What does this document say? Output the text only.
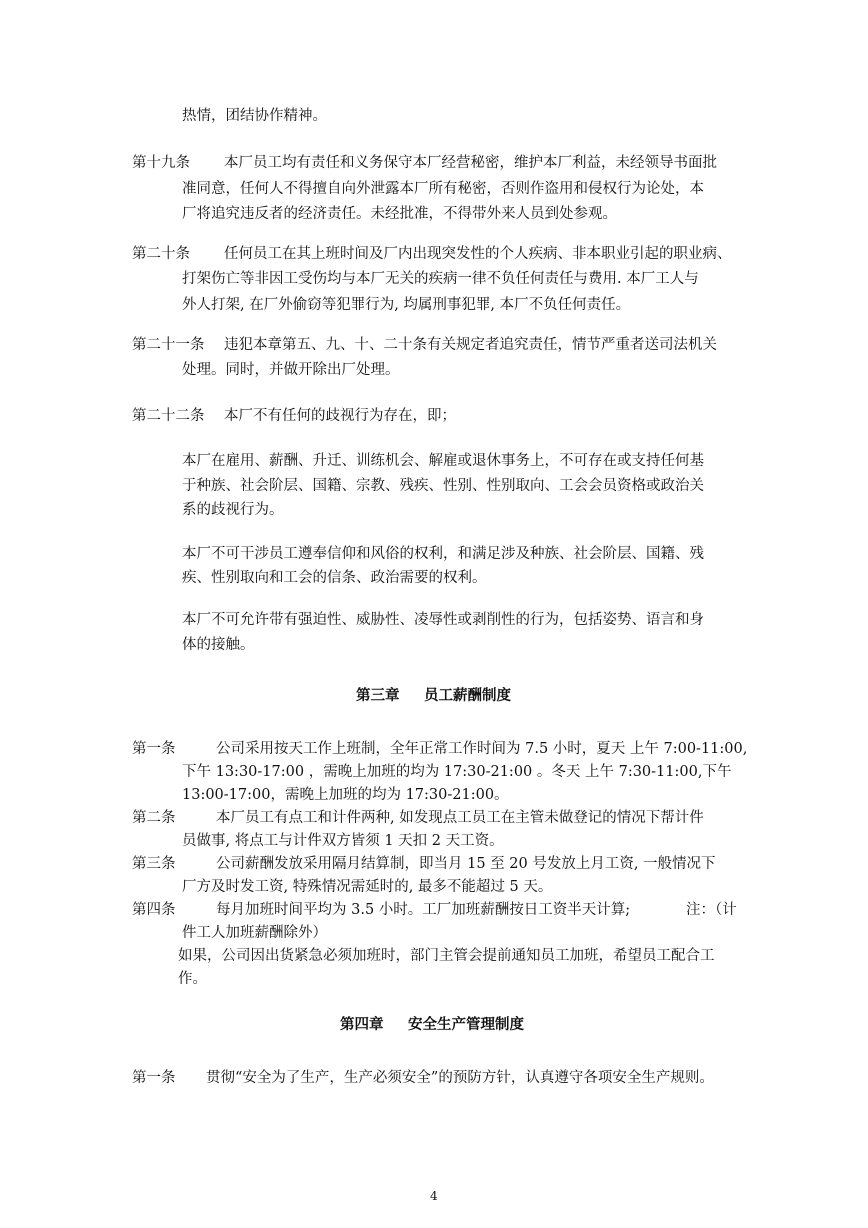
热情，团结协作精神。
第十九条 本厂员工均有责任和义务保守本厂经营秘密，维护本厂利益，未经领导书面批
准同意，任何人不得擅自向外泄露本厂所有秘密，否则作盗用和侵权行为论处，本
厂将追究违反者的经济责任。未经批准，不得带外来人员到处参观。
第二十条 任何员工在其上班时间及厂内出现突发性的个人疾病、非本职业引起的职业病、
打架伤亡等非因工受伤均与本厂无关的疾病一律不负任何责任与费用. 本厂工人与
外人打架, 在厂外偷窃等犯罪行为, 均属刑事犯罪, 本厂不负任何责任。
第二十一条 违犯本章第五、九、十、二十条有关规定者追究责任，情节严重者送司法机关
处理。同时，并做开除出厂处理。
第二十二条 本厂不有任何的歧视行为存在，即；
本厂在雇用、薪酬、升迁、训练机会、解雇或退休事务上，不可存在或支持任何基
于种族、社会阶层、国籍、宗教、残疾、性别、性别取向、工会会员资格或政治关
系的歧视行为。
本厂不可干涉员工遵奉信仰和风俗的权利，和满足涉及种族、社会阶层、国籍、残
疾、性别取向和工会的信条、政治需要的权利。
本厂不可允许带有强迫性、威胁性、凌辱性或剥削性的行为，包括姿势、语言和身
体的接触。
第三章 员工薪酬制度
第一条	公司采用按天工作上班制，全年正常工作时间为 7.5 小时，夏天 上午 7:00-11:00,
下午 13:30-17:00 ，需晚上加班的均为 17:30-21:00 。冬天 上午 7:30-11:00,下午
13:00-17:00，需晚上加班的均为 17:30-21:00。
第二条	本厂员工有点工和计件两种, 如发现点工员工在主管未做登记的情况下帮计件
员做事, 将点工与计件双方皆须 1 天扣 2 天工资。
第三条	公司薪酬发放采用隔月结算制，即当月 15 至 20 号发放上月工资, 一般情况下
厂方及时发工资, 特殊情况需延时的, 最多不能超过 5 天。
第四条	每月加班时间平均为 3.5 小时。工厂加班薪酬按日工资半天计算;	注：（计
件工人加班薪酬除外）
如果，公司因出货紧急必须加班时，部门主管会提前通知员工加班，希望员工配合工
作。
第四章 安全生产管理制度
第一条 贯彻“安全为了生产，生产必须安全”的预防方针，认真遵守各项安全生产规则。
4
